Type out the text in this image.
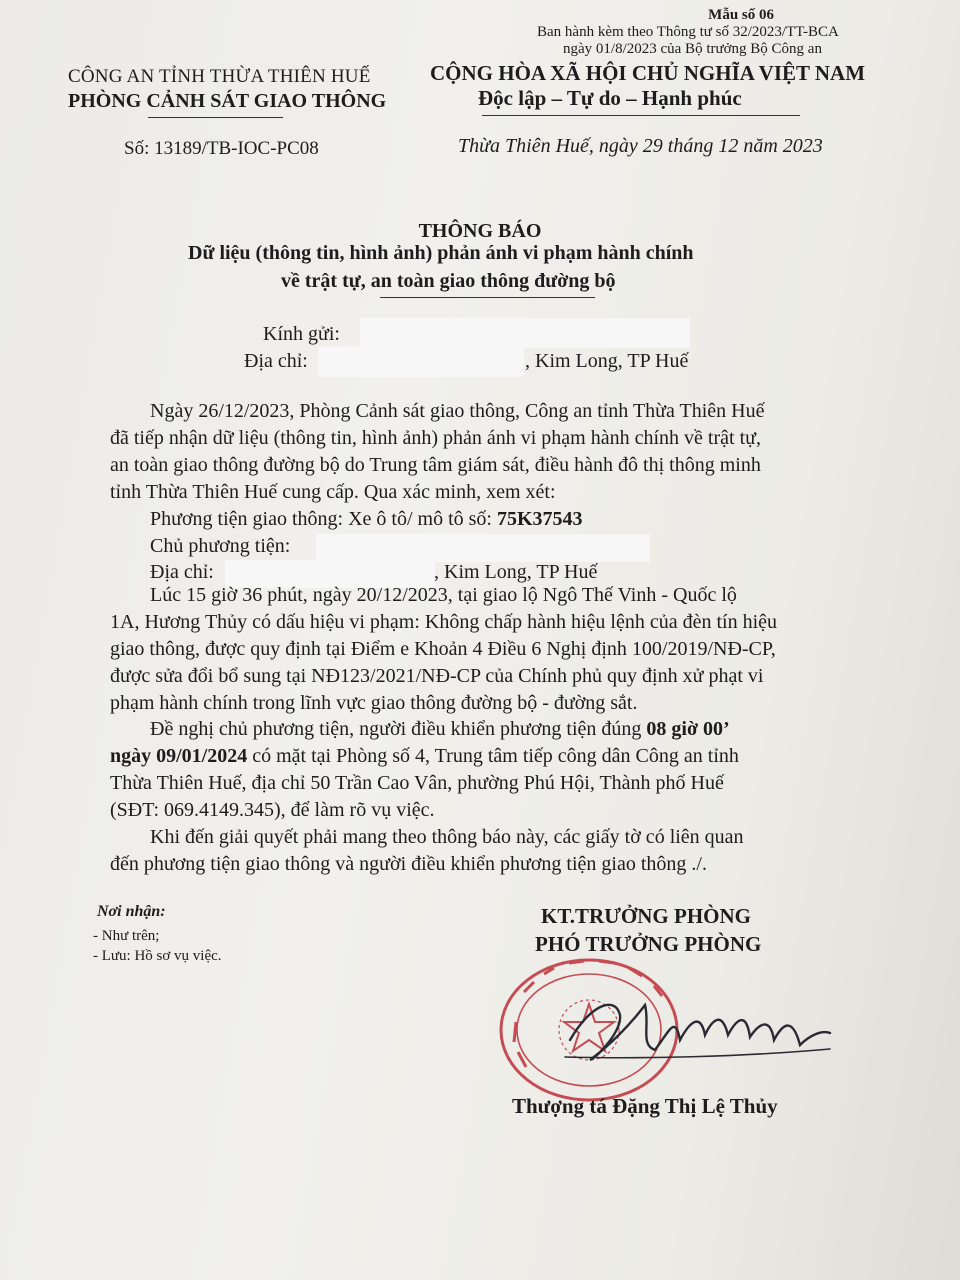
Mẫu số 06
Ban hành kèm theo Thông tư số 32/2023/TT-BCA
ngày 01/8/2023 của Bộ trưởng Bộ Công an
CÔNG AN TỈNH THỪA THIÊN HUẾ
PHÒNG CẢNH SÁT GIAO THÔNG
CỘNG HÒA XÃ HỘI CHỦ NGHĨA VIỆT NAM
Độc lập – Tự do – Hạnh phúc
Số: 13189/TB-IOC-PC08	Thừa Thiên Huế, ngày 29 tháng 12 năm 2023
THÔNG BÁO
Dữ liệu (thông tin, hình ảnh) phản ánh vi phạm hành chính
về trật tự, an toàn giao thông đường bộ
Kính gửi:
Địa chỉ:	, Kim Long, TP Huế
Ngày 26/12/2023, Phòng Cảnh sát giao thông, Công an tỉnh Thừa Thiên Huế
đã tiếp nhận dữ liệu (thông tin, hình ảnh) phản ánh vi phạm hành chính về trật tự,
an toàn giao thông đường bộ do Trung tâm giám sát, điều hành đô thị thông minh
tỉnh Thừa Thiên Huế cung cấp. Qua xác minh, xem xét:
Phương tiện giao thông: Xe ô tô/ mô tô số: 75K37543
Chủ phương tiện:
Địa chỉ:	, Kim Long, TP Huế
Lúc 15 giờ 36 phút, ngày 20/12/2023, tại giao lộ Ngô Thế Vinh - Quốc lộ
1A, Hương Thủy có dấu hiệu vi phạm: Không chấp hành hiệu lệnh của đèn tín hiệu
giao thông, được quy định tại Điểm e Khoản 4 Điều 6 Nghị định 100/2019/NĐ-CP,
được sửa đổi bổ sung tại NĐ123/2021/NĐ-CP của Chính phủ quy định xử phạt vi
phạm hành chính trong lĩnh vực giao thông đường bộ - đường sắt.
Đề nghị chủ phương tiện, người điều khiển phương tiện đúng 08 giờ 00’
ngày 09/01/2024 có mặt tại Phòng số 4, Trung tâm tiếp công dân Công an tỉnh
Thừa Thiên Huế, địa chỉ 50 Trần Cao Vân, phường Phú Hội, Thành phố Huế
(SĐT: 069.4149.345), để làm rõ vụ việc.
Khi đến giải quyết phải mang theo thông báo này, các giấy tờ có liên quan
đến phương tiện giao thông và người điều khiển phương tiện giao thông ./.
Nơi nhận:
- Như trên;
- Lưu: Hồ sơ vụ việc.
KT.TRƯỞNG PHÒNG
PHÓ TRƯỞNG PHÒNG
Thượng tá Đặng Thị Lệ Thủy
